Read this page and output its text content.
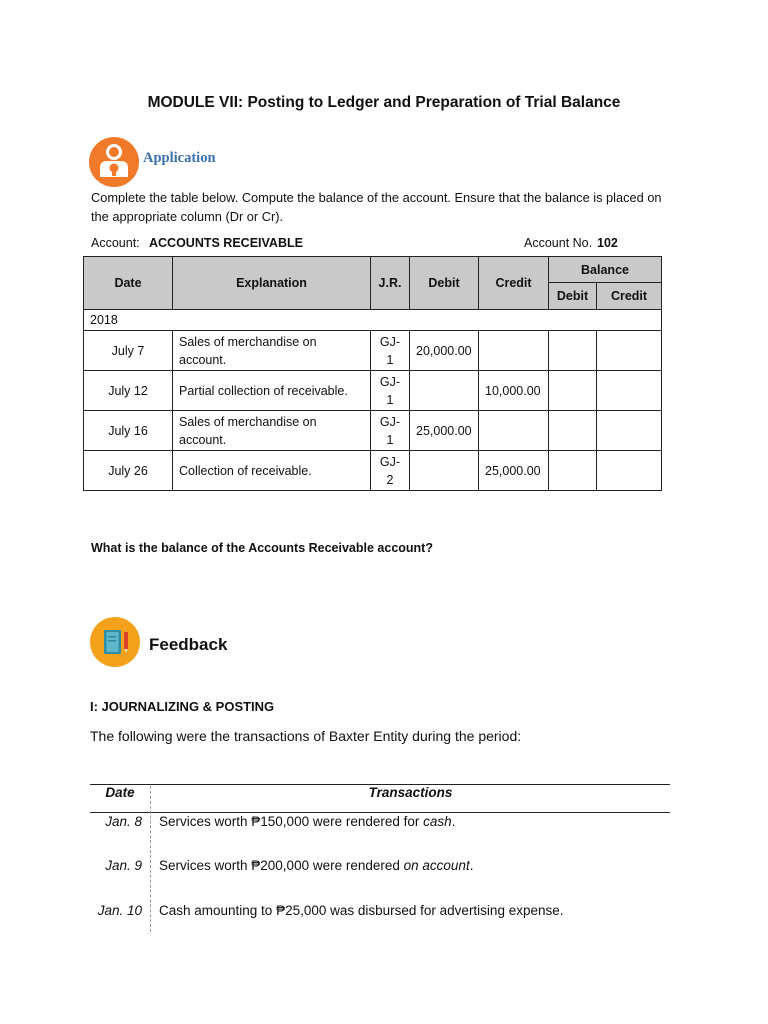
MODULE VII: Posting to Ledger and Preparation of Trial Balance
Application
Complete the table below. Compute the balance of the account. Ensure that the balance is placed on the appropriate column (Dr or Cr).
Account: ACCOUNTS RECEIVABLE	Account No. 102
Date	Explanation	J.R.	Debit	Credit	Balance	
					Debit	Credit
2018						
July 7	Sales of merchandise on account.	GJ-1	20,000.00			
July 12	Partial collection of receivable.	GJ-1		10,000.00		
July 16	Sales of merchandise on account.	GJ-1	25,000.00			
July 26	Collection of receivable.	GJ-2		25,000.00		
What is the balance of the Accounts Receivable account?
Feedback
I: JOURNALIZING & POSTING
The following were the transactions of Baxter Entity during the period:
Date	Transactions
Jan. 8 Services worth ₱150,000 were rendered for cash.
Jan. 9 Services worth ₱200,000 were rendered on account.
Jan. 10 Cash amounting to ₱25,000 was disbursed for advertising expense.
